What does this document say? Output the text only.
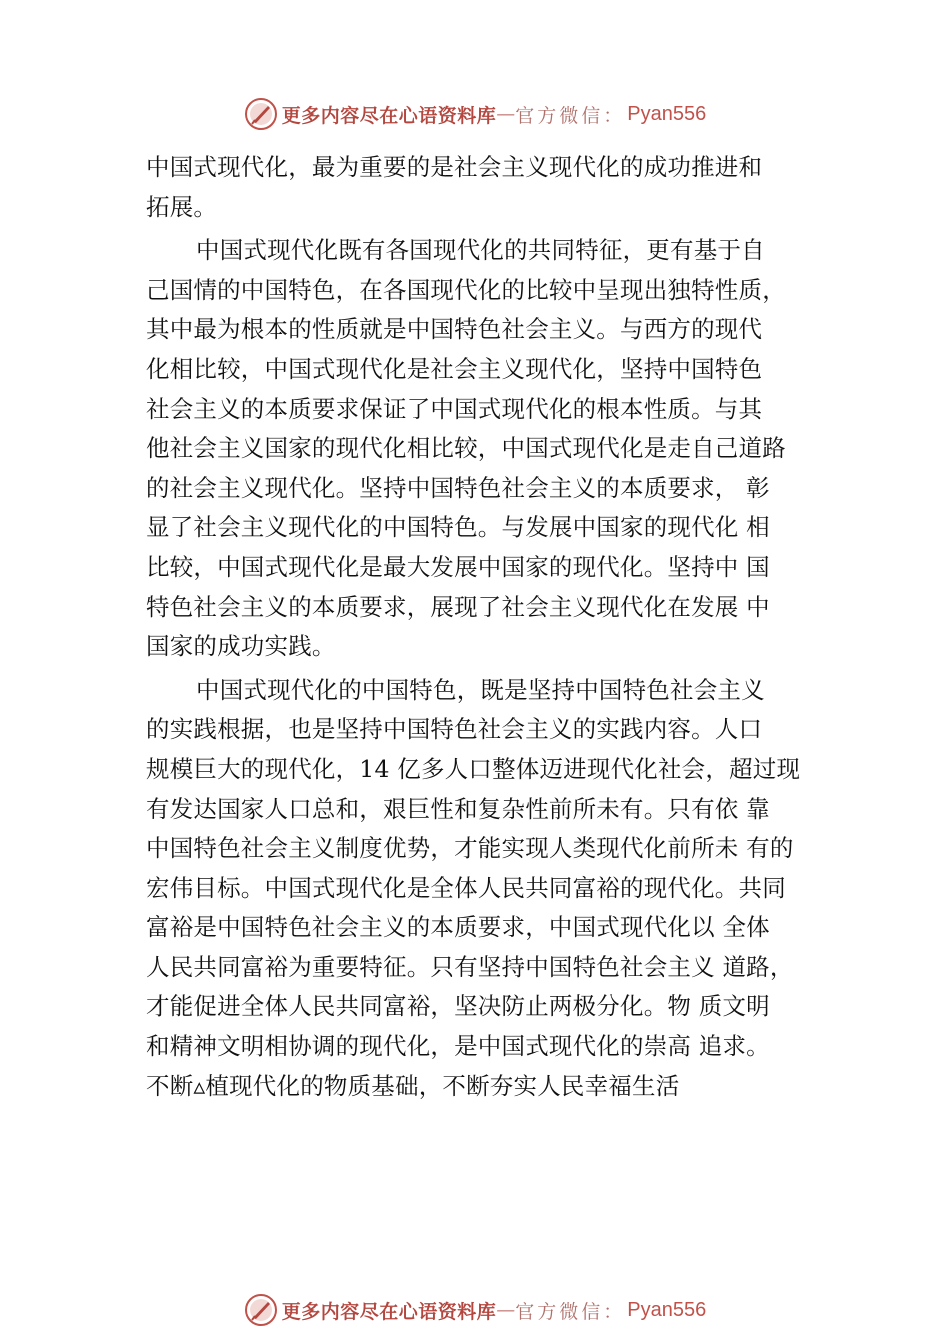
更多内容尽在心语资料库 — 官方微信： Pyan556
中国式现代化，最为重要的是社会主义现代化的成功推进和
拓展。
中国式现代化既有各国现代化的共同特征，更有基于自
己国情的中国特色，在各国现代化的比较中呈现出独特性质，
其中最为根本的性质就是中国特色社会主义。与西方的现代
化相比较，中国式现代化是社会主义现代化，坚持中国特色
社会主义的本质要求保证了中国式现代化的根本性质。与其
他社会主义国家的现代化相比较，中国式现代化是走自己道路
的社会主义现代化。坚持中国特色社会主义的本质要求， 彰
显了社会主义现代化的中国特色。与发展中国家的现代化 相
比较，中国式现代化是最大发展中国家的现代化。坚持中 国
特色社会主义的本质要求，展现了社会主义现代化在发展 中
国家的成功实践。
中国式现代化的中国特色，既是坚持中国特色社会主义
的实践根据，也是坚持中国特色社会主义的实践内容。人口
规模巨大的现代化，14 亿多人口整体迈进现代化社会，超过现
有发达国家人口总和，艰巨性和复杂性前所未有。只有依 靠
中国特色社会主义制度优势，才能实现人类现代化前所未 有的
宏伟目标。中国式现代化是全体人民共同富裕的现代化。共同
富裕是中国特色社会主义的本质要求，中国式现代化以 全体
人民共同富裕为重要特征。只有坚持中国特色社会主义 道路，
才能促进全体人民共同富裕，坚决防止两极分化。物 质文明
和精神文明相协调的现代化，是中国式现代化的崇高 追求。
不断▵植现代化的物质基础，不断夯实人民幸福生活
更多内容尽在心语资料库 — 官方微信： Pyan556
